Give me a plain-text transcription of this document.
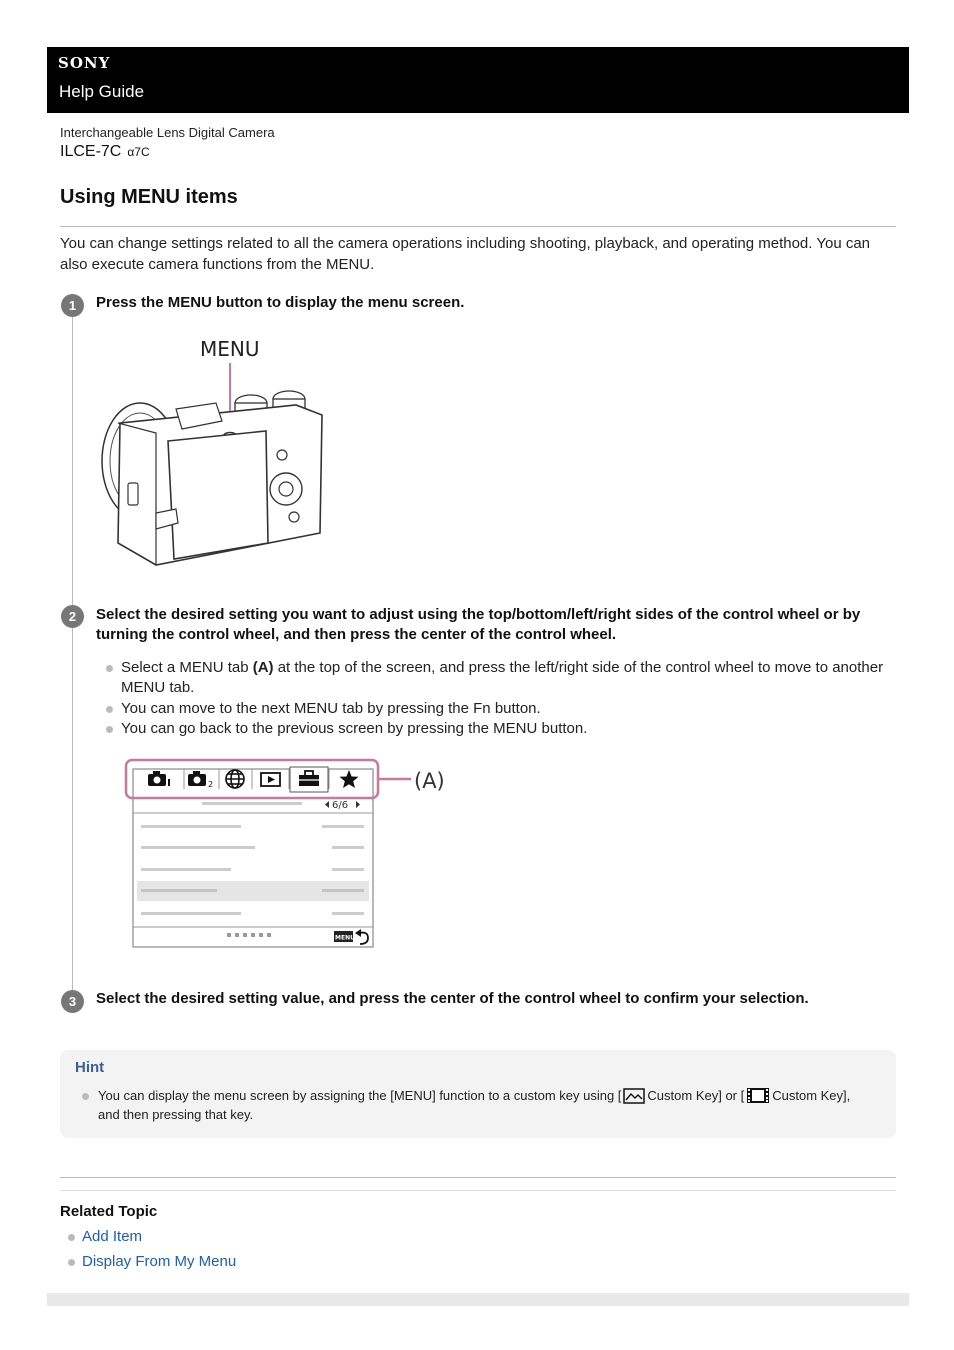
SONY
Help Guide
Interchangeable Lens Digital Camera
ILCE-7C α7C
Using MENU items
You can change settings related to all the camera operations including shooting, playback, and operating method. You can also execute camera functions from the MENU.
1	Press the MENU button to display the menu screen.
MENU
2	Select the desired setting you want to adjust using the top/bottom/left/right sides of the control wheel or by turning the control wheel, and then press the center of the control wheel.
Select a MENU tab (A) at the top of the screen, and press the left/right side of the control wheel to move to another MENU tab.
You can move to the next MENU tab by pressing the Fn button.
You can go back to the previous screen by pressing the MENU button.
(A)
2
6/6
MENU
3	Select the desired setting value, and press the center of the control wheel to confirm your selection.
Hint
You can display the menu screen by assigning the [MENU] function to a custom key using [ Custom Key] or [ Custom Key], and then pressing that key.
Related Topic
Add Item
Display From My Menu
